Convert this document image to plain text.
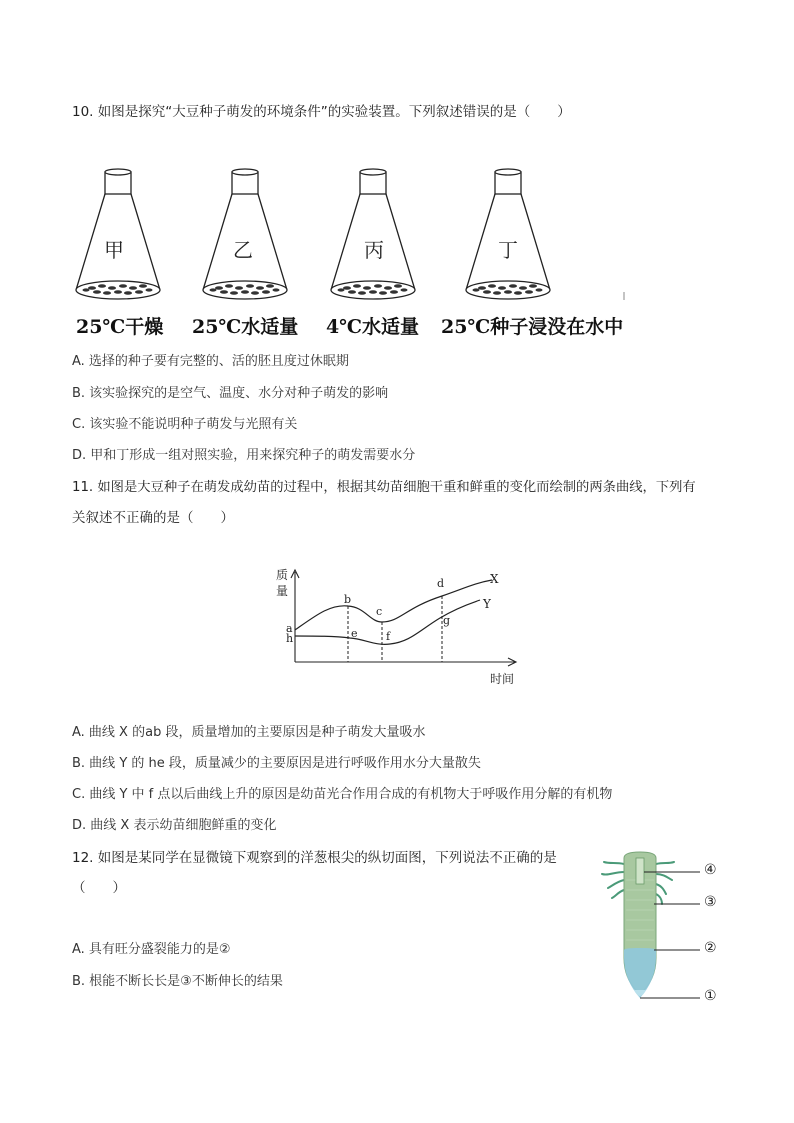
10. 如图是探究“大豆种子萌发的环境条件”的实验装置。下列叙述错误的是（　　）
甲	乙	丙	丁
25℃干燥 25℃水适量 4℃水适量 25℃种子浸没在水中
A. 选择的种子要有完整的、活的胚且度过休眠期
B. 该实验探究的是空气、温度、水分对种子萌发的影响
C. 该实验不能说明种子萌发与光照有关
D. 甲和丁形成一组对照实验，用来探究种子的萌发需要水分
11. 如图是大豆种子在萌发成幼苗的过程中，根据其幼苗细胞干重和鲜重的变化而绘制的两条曲线，下列有
关叙述不正确的是（　　）
质
量
时间
X
Y
a
h
b
c
d
e	f
g
A. 曲线 X 的ab 段，质量增加的主要原因是种子萌发大量吸水
B. 曲线 Y 的 he 段，质量减少的主要原因是进行呼吸作用水分大量散失
C. 曲线 Y 中 f 点以后曲线上升的原因是幼苗光合作用合成的有机物大于呼吸作用分解的有机物
D. 曲线 X 表示幼苗细胞鲜重的变化
12. 如图是某同学在显微镜下观察到的洋葱根尖的纵切面图，下列说法不正确的是
（　　）
④
③
②
①
A. 具有旺分盛裂能力的是②
B. 根能不断长长是③不断伸长的结果
